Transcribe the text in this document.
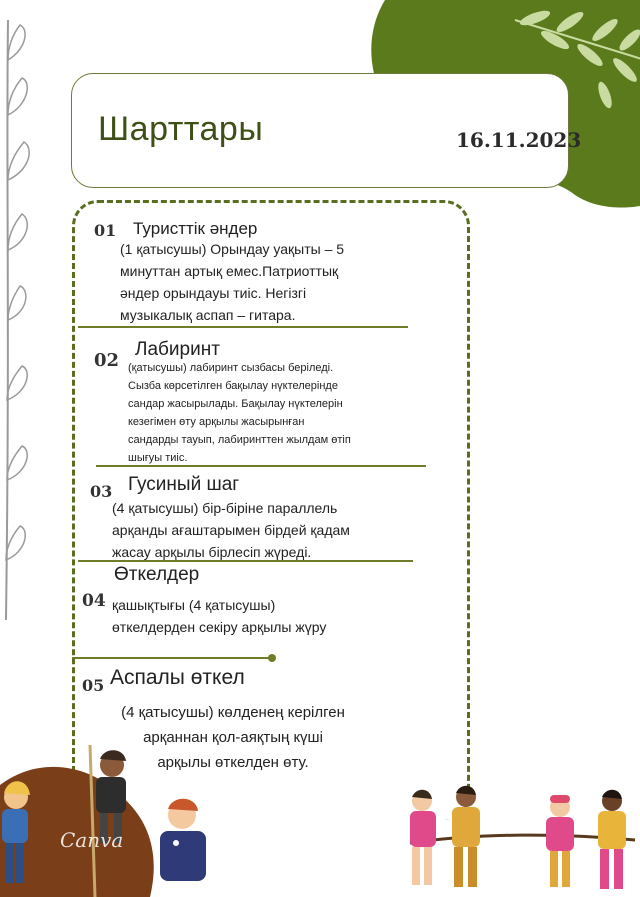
Шарттары	16.11.2023
01 Туристтік әндер
(1 қатысушы) Орындау уақыты – 5
минуттан артық емес.Патриоттық
әндер орындауы тиіс. Негізгі
музыкалық аспап – гитара.
02
Лабиринт
(қатысушы) лабиринт сызбасы беріледі.
Сызба көрсетілген бақылау нүктелерінде
сандар жасырылады. Бақылау нүктелерін
кезегімен өту арқылы жасырынған
сандарды тауып, лабиринттен жылдам өтіп
шығуы тиіс.
03 Гусиный шаг
(4 қатысушы) бір-біріне параллель
арқанды ағаштарымен бірдей қадам
жасау арқылы бірлесіп жүреді.
Өткелдер
04 қашықтығы (4 қатысушы)
өткелдерден секіру арқылы жүру
05 Аспалы өткел
(4 қатысушы) көлденең керілген
арқаннан қол-аяқтың күші
арқылы өткелден өту.
Canva
